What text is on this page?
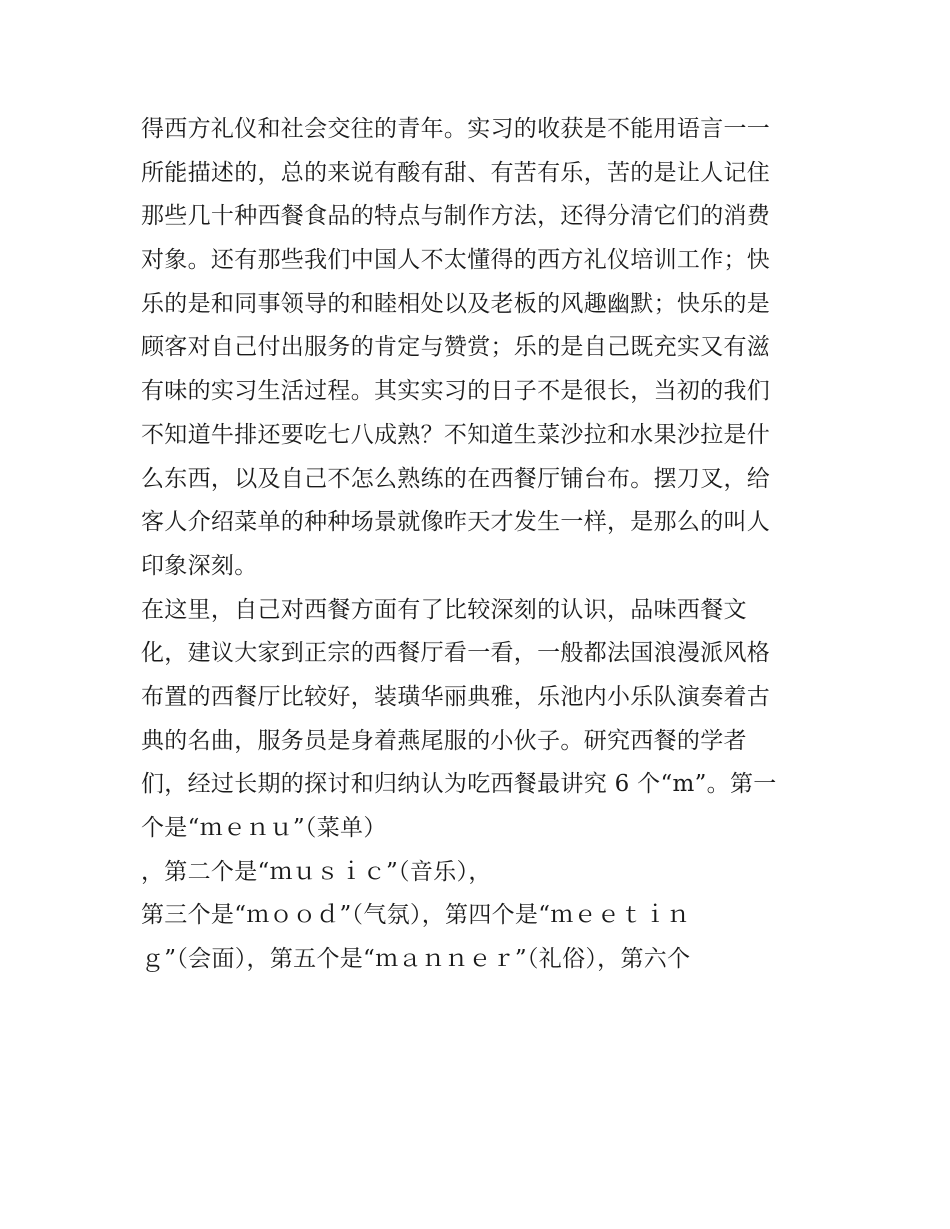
得西方礼仪和社会交往的青年。实习的收获是不能用语言一一
所能描述的，总的来说有酸有甜、有苦有乐，苦的是让人记住
那些几十种西餐食品的特点与制作方法，还得分清它们的消费
对象。还有那些我们中国人不太懂得的西方礼仪培训工作；快
乐的是和同事领导的和睦相处以及老板的风趣幽默；快乐的是
顾客对自己付出服务的肯定与赞赏；乐的是自己既充实又有滋
有味的实习生活过程。其实实习的日子不是很长，当初的我们
不知道牛排还要吃七八成熟？不知道生菜沙拉和水果沙拉是什
么东西，以及自己不怎么熟练的在西餐厅铺台布。摆刀叉，给
客人介绍菜单的种种场景就像昨天才发生一样，是那么的叫人
印象深刻。
在这里，自己对西餐方面有了比较深刻的认识，品味西餐文
化，建议大家到正宗的西餐厅看一看，一般都法国浪漫派风格
布置的西餐厅比较好，装璜华丽典雅，乐池内小乐队演奏着古
典的名曲，服务员是身着燕尾服的小伙子。研究西餐的学者
们，经过长期的探讨和归纳认为吃西餐最讲究 6 个“m”。第一
个是“ｍｅｎｕ”（菜单）
，第二个是“ｍｕｓｉｃ”（音乐），
第三个是“ｍｏｏｄ”（气氛），第四个是“ｍｅｅｔｉｎ
ｇ”（会面），第五个是“ｍａｎｎｅｒ”（礼俗），第六个
